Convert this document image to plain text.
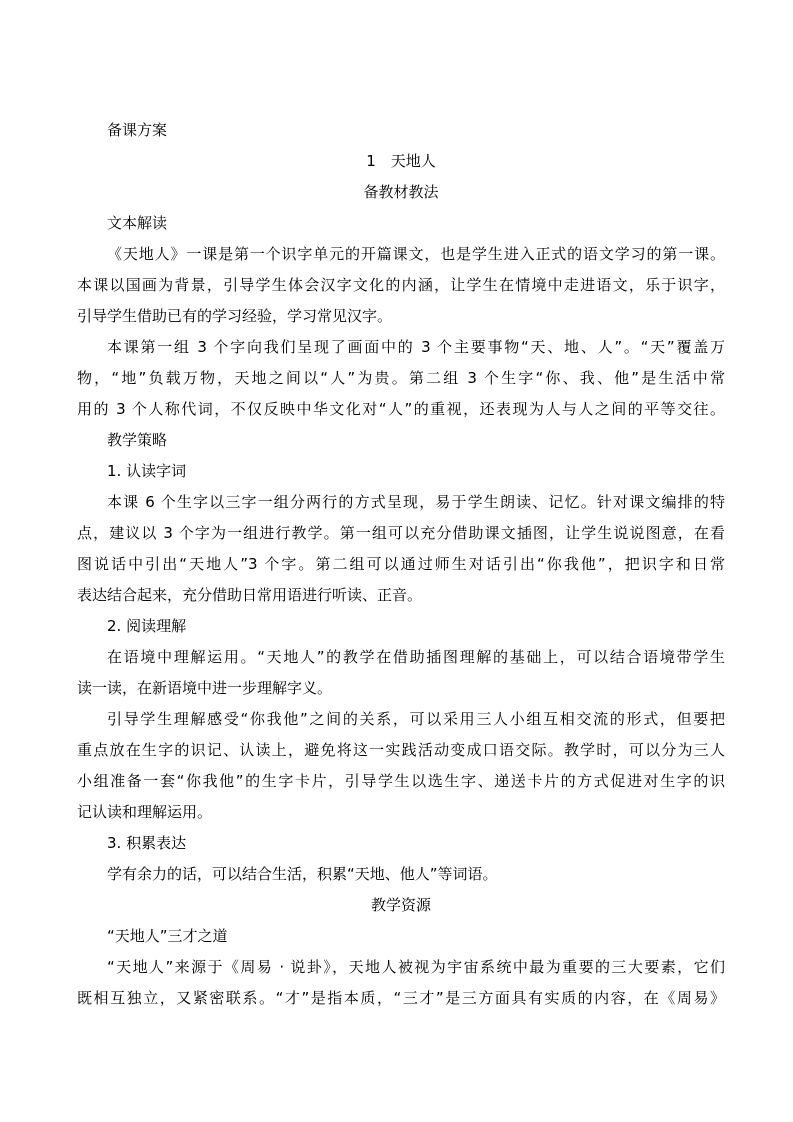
备课方案

1　天地人

备教材教法

文本解读

《天地人》一课是第一个识字单元的开篇课文，也是学生进入正式的语文学习的第一课。

本课以国画为背景，引导学生体会汉字文化的内涵，让学生在情境中走进语文，乐于识字，

引导学生借助已有的学习经验，学习常见汉字。

本课第一组 3 个字向我们呈现了画面中的 3 个主要事物“天、地、人”。“天”覆盖万

物，“地”负载万物，天地之间以“人”为贵。第二组 3 个生字“你、我、他”是生活中常

用的 3 个人称代词，不仅反映中华文化对“人”的重视，还表现为人与人之间的平等交往。

教学策略

1. 认读字词

本课 6 个生字以三字一组分两行的方式呈现，易于学生朗读、记忆。针对课文编排的特

点，建议以 3 个字为一组进行教学。第一组可以充分借助课文插图，让学生说说图意，在看

图说话中引出“天地人”3 个字。第二组可以通过师生对话引出“你我他”，把识字和日常

表达结合起来，充分借助日常用语进行听读、正音。

2. 阅读理解

在语境中理解运用。“天地人”的教学在借助插图理解的基础上，可以结合语境带学生

读一读，在新语境中进一步理解字义。

引导学生理解感受“你我他”之间的关系，可以采用三人小组互相交流的形式，但要把

重点放在生字的识记、认读上，避免将这一实践活动变成口语交际。教学时，可以分为三人

小组准备一套“你我他”的生字卡片，引导学生以选生字、递送卡片的方式促进对生字的识

记认读和理解运用。

3. 积累表达

学有余力的话，可以结合生活，积累“天地、他人”等词语。

教学资源

“天地人”三才之道

“天地人”来源于《周易 · 说卦》，天地人被视为宇宙系统中最为重要的三大要素，它们

既相互独立，又紧密联系。“才”是指本质，“三才”是三方面具有实质的内容，在《周易》
